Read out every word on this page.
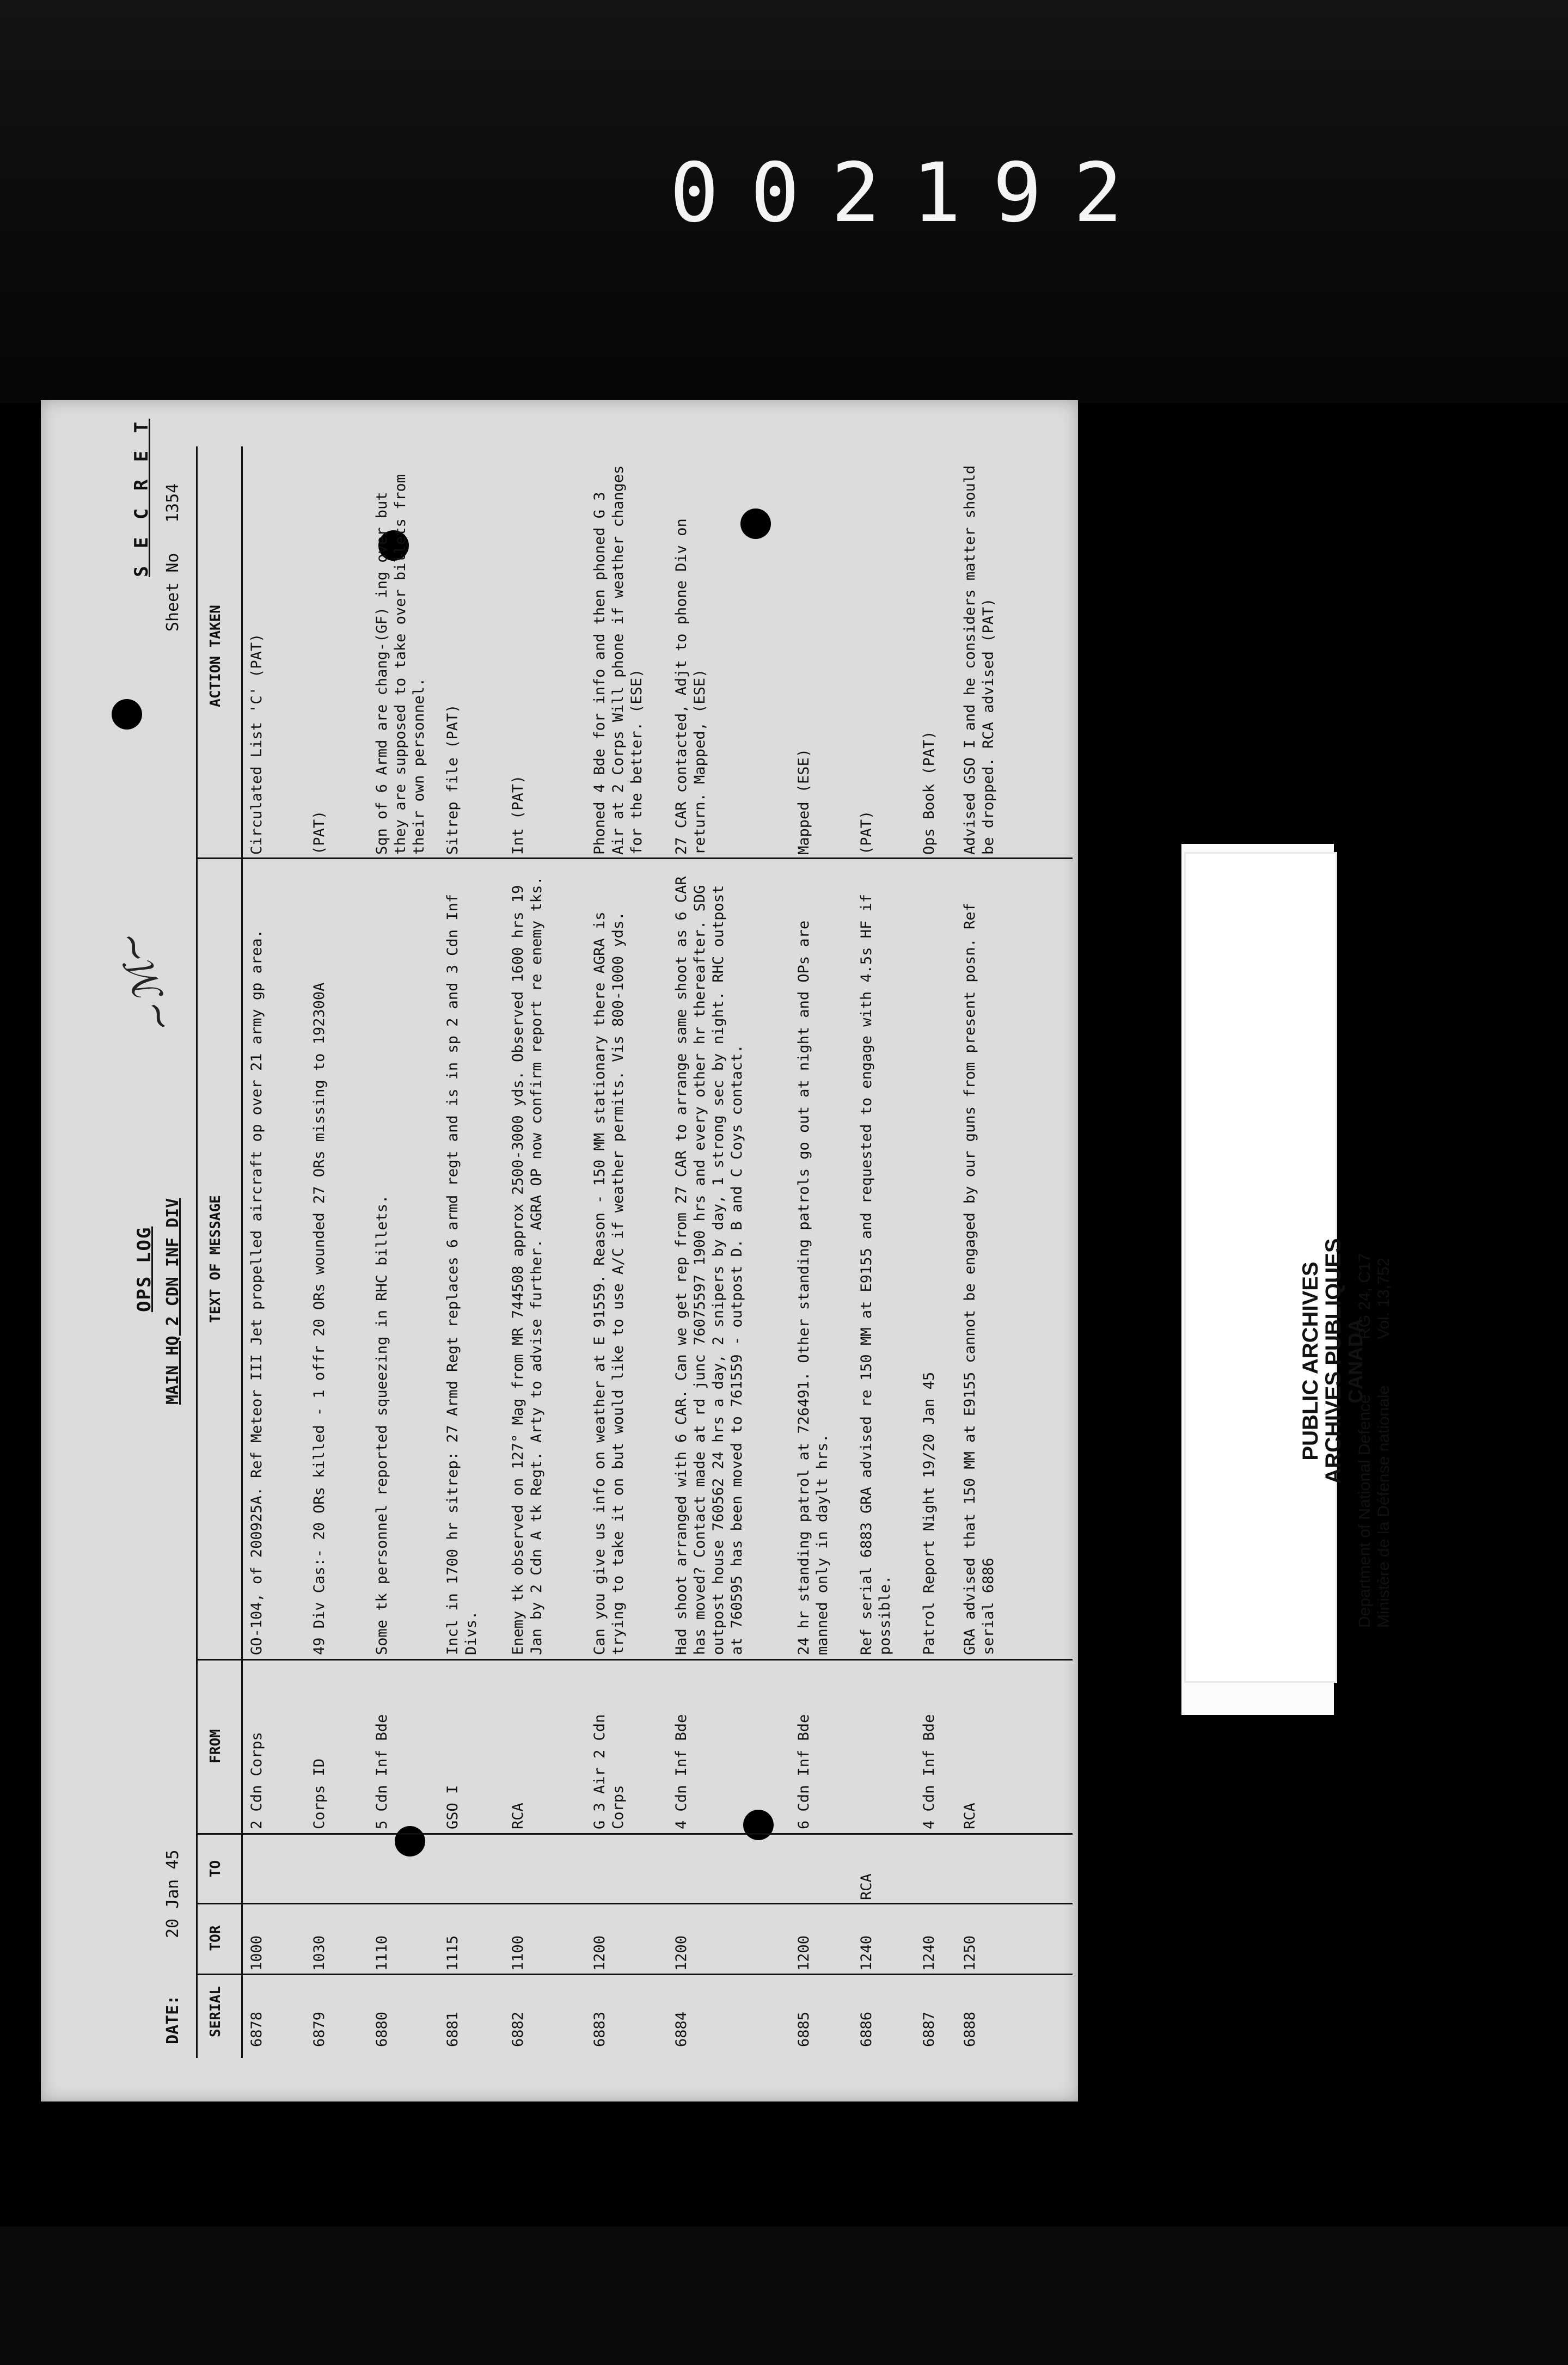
002192
OPS LOG MAIN HQ 2 CDN INF DIV
DATE:
20 Jan 45
S E C R E T
Sheet No
1354
~ℳ~
SERIAL
TOR
TO
FROM
TEXT OF MESSAGE
ACTION TAKEN
6878
1000
2 Cdn Corps
GO-104, of 200925A. Ref Meteor III Jet propelled aircraft op over 21 army gp area.
Circulated List 'C' (PAT)
6879
1030
Corps ID
49 Div Cas:- 20 ORs killed - 1 offr 20 ORs wounded 27 ORs missing to 192300A
(PAT)
6880
1110
5 Cdn Inf Bde
Some tk personnel reported squeezing in RHC billets.
Sqn of 6 Armd are chang-(GF) ing over but they are supposed to take over billets from their own personnel.
6881
1115
GSO I
Incl in 1700 hr sitrep: 27 Armd Regt replaces 6 armd regt and is in sp 2 and 3 Cdn Inf Divs.
Sitrep file (PAT)
6882
1100
RCA
Enemy tk observed on 127° Mag from MR 744508 approx 2500-3000 yds. Observed 1600 hrs 19 Jan by 2 Cdn A tk Regt. Arty to advise further. AGRA OP now confirm report re enemy tks.
Int (PAT)
6883
1200
G 3 Air 2 Cdn Corps
Can you give us info on weather at E 91559. Reason - 150 MM stationary there AGRA is trying to take it on but would like to use A/C if weather permits. Vis 800-1000 yds.
Phoned 4 Bde for info and then phoned G 3 Air at 2 Corps Will phone if weather changes for the better. (ESE)
6884
1200
4 Cdn Inf Bde
Had shoot arranged with 6 CAR. Can we get rep from 27 CAR to arrange same shoot as 6 CAR has moved? Contact made at rd junc 76075597 1900 hrs and every other hr thereafter. SDG outpost house 760562 24 hrs a day, 2 snipers by day, 1 strong sec by night. RHC outpost at 760595 has been moved to 761559 - outpost D. B and C Coys contact.
27 CAR contacted, Adjt to phone Div on return. Mapped, (ESE)
6885
1200
6 Cdn Inf Bde
24 hr standing patrol at 726491. Other standing patrols go out at night and OPs are manned only in daylt hrs.
Mapped (ESE)
6886
1240
RCA
Ref serial 6883 GRA advised re 150 MM at E9155 and requested to engage with 4.5s HF if possible.
(PAT)
6887
1240
4 Cdn Inf Bde
Patrol Report Night 19/20 Jan 45
Ops Book (PAT)
6888
1250
RCA
GRA advised that 150 MM at E9155 cannot be engaged by our guns from present posn. Ref serial 6886
Advised GSO I and he considers matter should be dropped. RCA advised (PAT)
PUBLIC ARCHIVES
ARCHIVES PUBLIQUES
CANADA
Department of National Defence Ministère de la Défense nationale
RG 24, C17 Vol. 13,752
